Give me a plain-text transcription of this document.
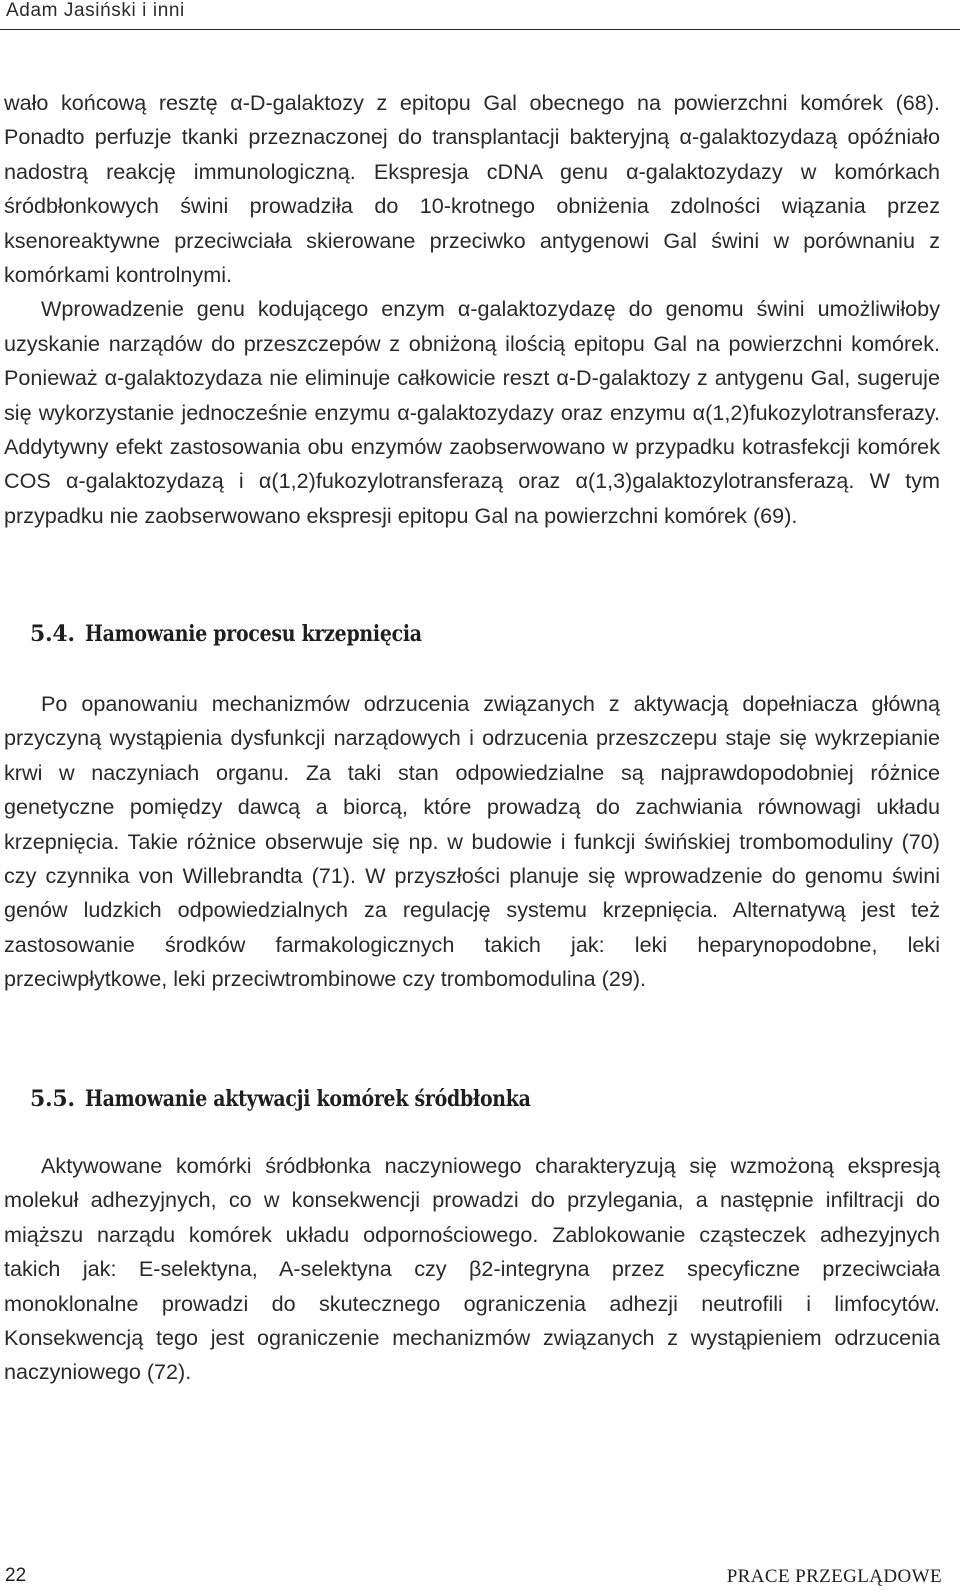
Adam Jasiński i inni

wało końcową resztę α-D-galaktozy z epitopu Gal obecnego na powierzchni komórek (68). Ponadto perfuzje tkanki przeznaczonej do transplantacji bakteryjną α-galaktozydazą opóźniało nadostrą reakcję immunologiczną. Ekspresja cDNA genu α-galaktozydazy w komórkach śródbłonkowych świni prowadziła do 10-krotnego obniżenia zdolności wiązania przez ksenoreaktywne przeciwciała skierowane przeciwko antygenowi Gal świni w porównaniu z komórkami kontrolnymi.

Wprowadzenie genu kodującego enzym α-galaktozydazę do genomu świni umożliwiłoby uzyskanie narządów do przeszczepów z obniżoną ilością epitopu Gal na powierzchni komórek. Ponieważ α-galaktozydaza nie eliminuje całkowicie reszt α-D-galaktozy z antygenu Gal, sugeruje się wykorzystanie jednocześnie enzymu α-galaktozydazy oraz enzymu α(1,2)fukozylotransferazy. Addytywny efekt zastosowania obu enzymów zaobserwowano w przypadku kotrasfekcji komórek COS α-galaktozydazą i α(1,2)fukozylotransferazą oraz α(1,3)galaktozylotransferazą. W tym przypadku nie zaobserwowano ekspresji epitopu Gal na powierzchni komórek (69).

5.4. Hamowanie procesu krzepnięcia

Po opanowaniu mechanizmów odrzucenia związanych z aktywacją dopełniacza główną przyczyną wystąpienia dysfunkcji narządowych i odrzucenia przeszczepu staje się wykrzepianie krwi w naczyniach organu. Za taki stan odpowiedzialne są najprawdopodobniej różnice genetyczne pomiędzy dawcą a biorcą, które prowadzą do zachwiania równowagi układu krzepnięcia. Takie różnice obserwuje się np. w budowie i funkcji świńskiej trombomoduliny (70) czy czynnika von Willebrandta (71). W przyszłości planuje się wprowadzenie do genomu świni genów ludzkich odpowiedzialnych za regulację systemu krzepnięcia. Alternatywą jest też zastosowanie środków farmakologicznych takich jak: leki heparynopodobne, leki przeciwpłytkowe, leki przeciwtrombinowe czy trombomodulina (29).

5.5. Hamowanie aktywacji komórek śródbłonka

Aktywowane komórki śródbłonka naczyniowego charakteryzują się wzmożoną ekspresją molekuł adhezyjnych, co w konsekwencji prowadzi do przylegania, a następnie infiltracji do miąższu narządu komórek układu odpornościowego. Zablokowanie cząsteczek adhezyjnych takich jak: E-selektyna, A-selektyna czy β2-integryna przez specyficzne przeciwciała monoklonalne prowadzi do skutecznego ograniczenia adhezji neutrofili i limfocytów. Konsekwencją tego jest ograniczenie mechanizmów związanych z wystąpieniem odrzucenia naczyniowego (72).

22	PRACE PRZEGLĄDOWE
